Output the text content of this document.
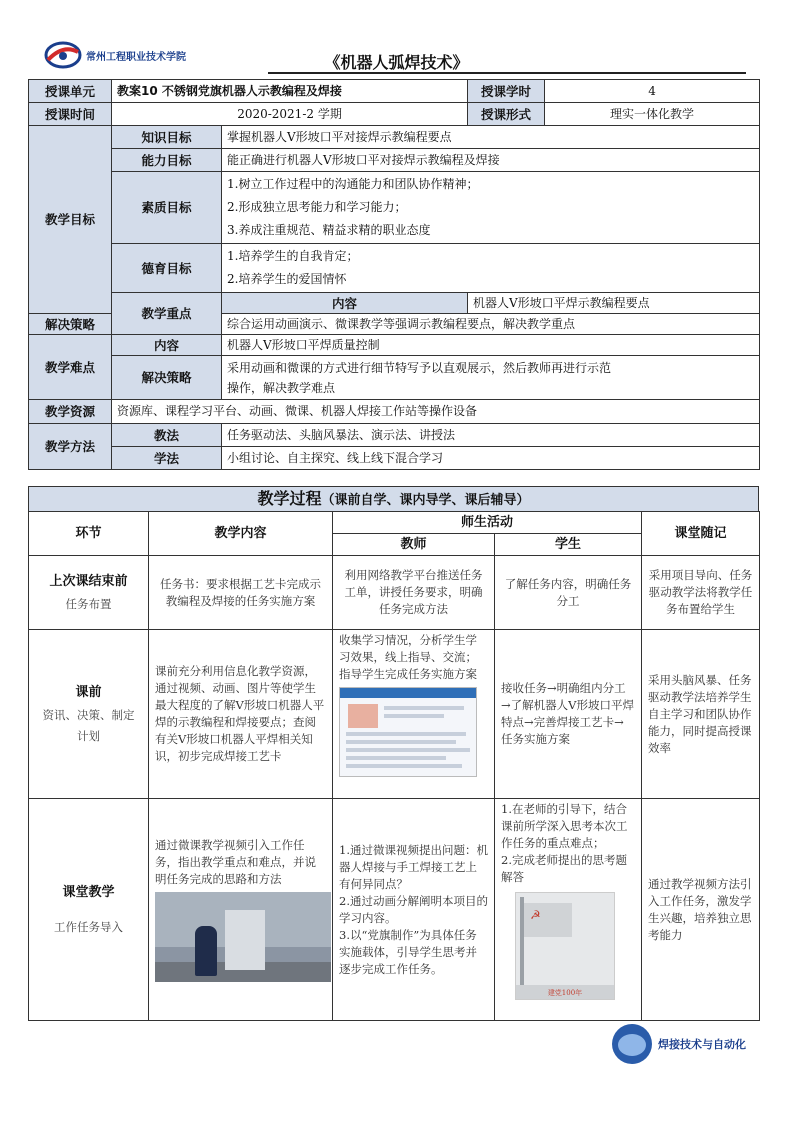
常州工程职业技术学院	《机器人弧焊技术》
授课单元	教案10 不锈钢党旗机器人示教编程及焊接		授课学时	4
授课时间	2020-2021-2 学期		授课形式	理实一体化教学
教学目标	知识目标	掌握机器人V形坡口平对接焊示教编程要点		
	能力目标	能正确进行机器人V形坡口平对接焊示教编程及焊接		
	素质目标	1.树立工作过程中的沟通能力和团队协作精神；
2.形成独立思考能力和学习能力；
3.养成注重规范、精益求精的职业态度		

	德育目标	1.培养学生的自我肯定；
2.培养学生的爱国情怀		

	教学重点	内容	机器人V形坡口平焊示教编程要点	
解决策略		综合运用动画演示、微课教学等强调示教编程要点，解决教学重点		
教学难点	内容	机器人V形坡口平焊质量控制		
	解决策略	采用动画和微课的方式进行细节特写予以直观展示，然后教师再进行示范
操作，解决教学难点		

教学资源	资源库、课程学习平台、动画、微课、机器人焊接工作站等操作设备			
教学方法	教法	任务驱动法、头脑风暴法、演示法、讲授法		
	学法	小组讨论、自主探究、线上线下混合学习		
教学过程（课前自学、课内导学、课后辅导）
环节	教学内容	师生活动		课堂随记
		教师	学生	

上次课结束前
任务布置	任务书：要求根据工艺卡完成示教编程及焊接的任务实施方案	利用网络教学平台推送任务工单，讲授任务要求，明确任务完成方法	了解任务内容，明确任务分工	采用项目导向、任务驱动教学法将教学任务布置给学生

课前
资讯、决策、制定
计划	课前充分利用信息化教学资源，通过视频、动画、图片等使学生最大程度的了解V形坡口机器人平焊的示教编程和焊接要点；查阅有关V形坡口机器人平焊相关知识，初步完成焊接工艺卡	收集学习情况，分析学生学习效果，线上指导、交流；指导学生完成任务实施方案	接收任务→明确组内分工→了解机器人V形坡口平焊特点→完善焊接工艺卡→任务实施方案	采用头脑风暴、任务驱动教学法培养学生自主学习和团队协作能力，同时提高授课效率

课堂教学
工作任务导入	通过微课教学视频引入工作任务，指出教学重点和难点，并说明任务完成的思路和方法	1.通过微课视频提出问题：机器人焊接与手工焊接工艺上有何异同点？
2.通过动画分解阐明本项目的学习内容。
3.以“党旗制作”为具体任务实施载体，引导学生思考并逐步完成工作任务。	1.在老师的引导下，结合课前所学深入思考本次工作任务的重点难点；
2.完成老师提出的思考题解答
☭
建党100年	通过教学视频方法引入工作任务，激发学生兴趣，培养独立思考能力
焊接技术与自动化
